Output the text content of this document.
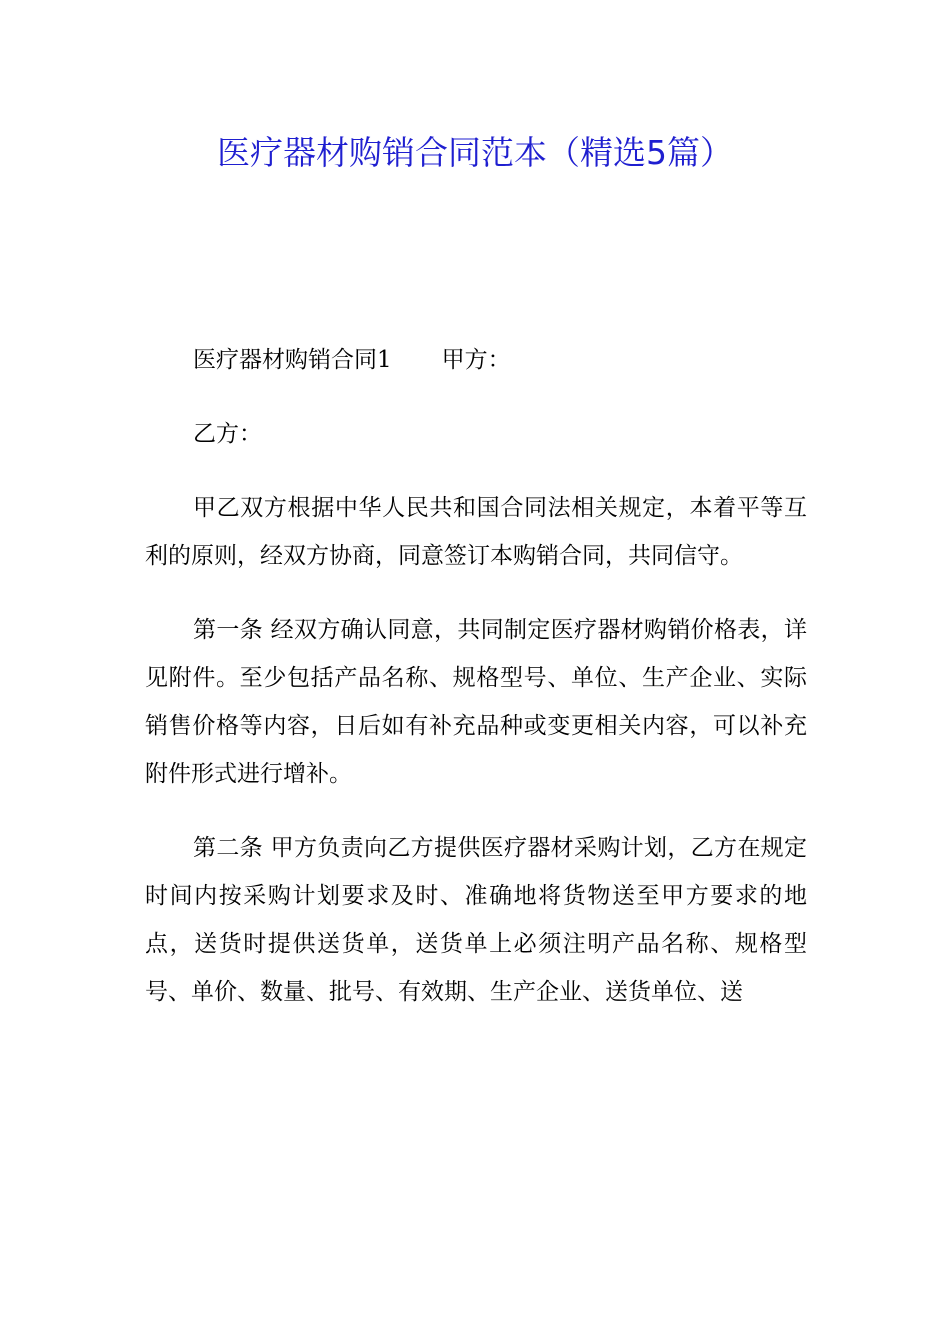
医疗器材购销合同范本（精选5篇）

医疗器材购销合同1 甲方：

乙方：

甲乙双方根据中华人民共和国合同法相关规定，本着平等互利的原则，经双方协商，同意签订本购销合同，共同信守。

第一条 经双方确认同意，共同制定医疗器材购销价格表，详见附件。至少包括产品名称、规格型号、单位、生产企业、实际销售价格等内容，日后如有补充品种或变更相关内容，可以补充附件形式进行增补。

第二条 甲方负责向乙方提供医疗器材采购计划，乙方在规定时间内按采购计划要求及时、准确地将货物送至甲方要求的地点，送货时提供送货单，送货单上必须注明产品名称、规格型号、单价、数量、批号、有效期、生产企业、送货单位、送
